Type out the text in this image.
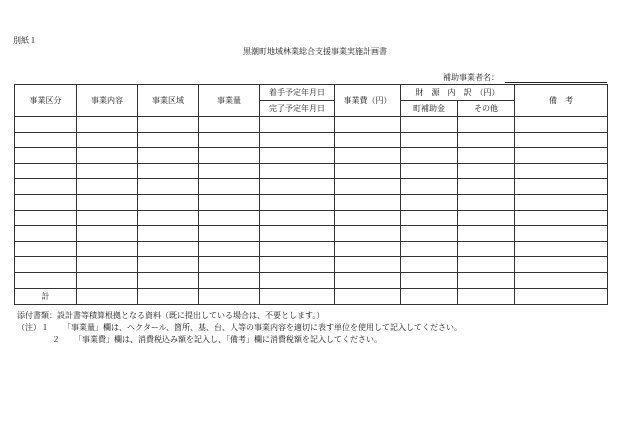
別紙１
黒潮町地域林業総合支援事業実施計画書
補助事業者名：
事業区分	事業内容	事業区域	事業量	着手予定年月日	事業費（円）	財　源　内　訳　（円）		備　考
				完了予定年月日		町補助金	その他	

計								
添付書類：設計書等積算根拠となる資料（既に提出している場合は、不要とします。）
（注）１ 「事業量」欄は、ヘクタール、箇所、基、台、人等の事業内容を適切に表す単位を使用して記入してください。
２ 「事業費」欄は、消費税込み額を記入し、「備考」欄に消費税額を記入してください。
